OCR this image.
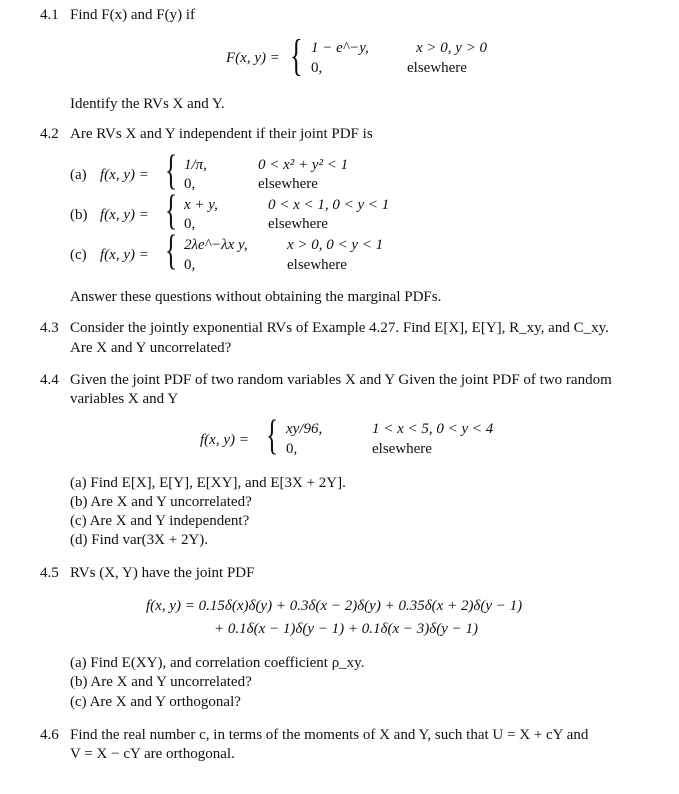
4.1 Find F(x) and F(y) if
F(x, y) = { 1 − e^−y,	x > 0, y > 0
0,	elsewhere
Identify the RVs X and Y.
4.2 Are RVs X and Y independent if their joint PDF is
(a) f(x, y) = { 1/π,	0 < x² + y² < 1
0,	elsewhere
(b) f(x, y) = { x + y,	0 < x < 1, 0 < y < 1
0,	elsewhere
(c) f(x, y) = { 2λe^−λx y,	x > 0, 0 < y < 1
0,	elsewhere
Answer these questions without obtaining the marginal PDFs.
4.3 Consider the jointly exponential RVs of Example 4.27. Find E[X], E[Y], R_xy, and C_xy.
Are X and Y uncorrelated?
4.4 Given the joint PDF of two random variables X and Y Given the joint PDF of two random
variables X and Y
f(x, y) = { xy/96,	1 < x < 5, 0 < y < 4
0,	elsewhere
(a) Find E[X], E[Y], E[XY], and E[3X + 2Y].
(b) Are X and Y uncorrelated?
(c) Are X and Y independent?
(d) Find var(3X + 2Y).
4.5 RVs (X, Y) have the joint PDF
f(x, y) = 0.15δ(x)δ(y) + 0.3δ(x − 2)δ(y) + 0.35δ(x + 2)δ(y − 1)
+ 0.1δ(x − 1)δ(y − 1) + 0.1δ(x − 3)δ(y − 1)
(a) Find E(XY), and correlation coefficient ρ_xy.
(b) Are X and Y uncorrelated?
(c) Are X and Y orthogonal?
4.6 Find the real number c, in terms of the moments of X and Y, such that U = X + cY and
V = X − cY are orthogonal.
